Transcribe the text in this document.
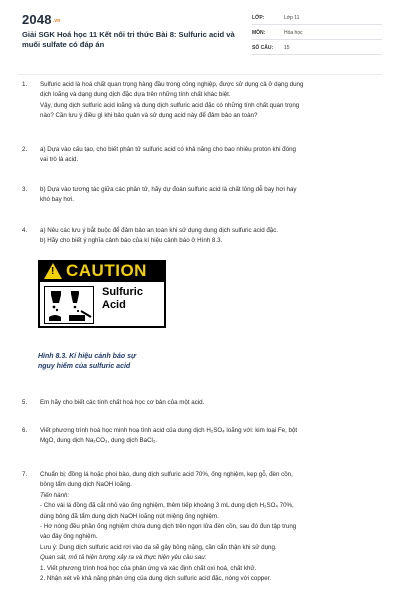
2048.vn
Giải SGK Hoá học 11 Kết nối tri thức Bài 8: Sulfuric acid và muối sulfate có đáp án
LỚP:	Lớp 11
MÔN:	Hóa học
SỐ CÂU:	15
1.	Sulfuric acid là hoá chất quan trọng hàng đầu trong công nghiệp, được sử dụng cả ở dạng dung

dịch loãng và dạng dung dịch đặc dựa trên những tính chất khác biệt.

Vậy, dung dịch sulfuric acid loãng và dung dịch sulfuric acid đặc có những tính chất quan trọng

nào? Cần lưu ý điều gì khi bảo quản và sử dụng acid này để đảm bảo an toàn?

2.	a) Dựa vào cấu tạo, cho biết phân tử sulfuric acid có khả năng cho bao nhiêu proton khi đóng

vai trò là acid.

3.	b) Dựa vào tương tác giữa các phân tử, hãy dự đoán sulfuric acid là chất lỏng dễ bay hơi hay

khó bay hơi.

4.	a) Nêu các lưu ý bắt buộc để đảm bảo an toàn khi sử dụng dung dịch sulfuric acid đặc.

b) Hãy cho biết ý nghĩa cảnh báo của kí hiệu cảnh báo ở Hình 8.3.

! CAUTION
Sulfuric
Acid
Hình 8.3. Kí hiệu cảnh báo sự
nguy hiểm của sulfuric acid
5.	Em hãy cho biết các tính chất hoá học cơ bản của một acid.

6.	Viết phương trình hoá học minh hoạ tính acid của dung dịch H₂SO₄ loãng với: kim loại Fe, bột

MgO, dung dịch Na₂CO₃, dung dịch BaCl₂.

7.	Chuẩn bị: đồng lá hoặc phoi bào, dung dịch sulfuric acid 70%, ống nghiệm, kẹp gỗ, đèn cồn,

bông tẩm dung dịch NaOH loãng.

Tiến hành:

- Cho vài lá đồng đã cắt nhỏ vào ống nghiệm, thêm tiếp khoảng 3 mL dung dịch H₂SO₄ 70%,

dùng bông đã tẩm dung dịch NaOH loãng nút miệng ống nghiệm.

- Hơ nóng đều phần ống nghiệm chứa dung dịch trên ngọn lửa đèn cồn, sau đó đun tập trung

vào đáy ống nghiệm.

Lưu ý: Dung dịch sulfuric acid rơi vào da sẽ gây bỏng nặng, cần cẩn thận khi sử dụng.

Quan sát, mô tả hiện tượng xảy ra và thực hiện yêu cầu sau:

1. Viết phương trình hoá học của phản ứng và xác định chất oxi hoá, chất khử.

2. Nhận xét về khả năng phản ứng của dung dịch sulfuric acid đặc, nóng với copper.
